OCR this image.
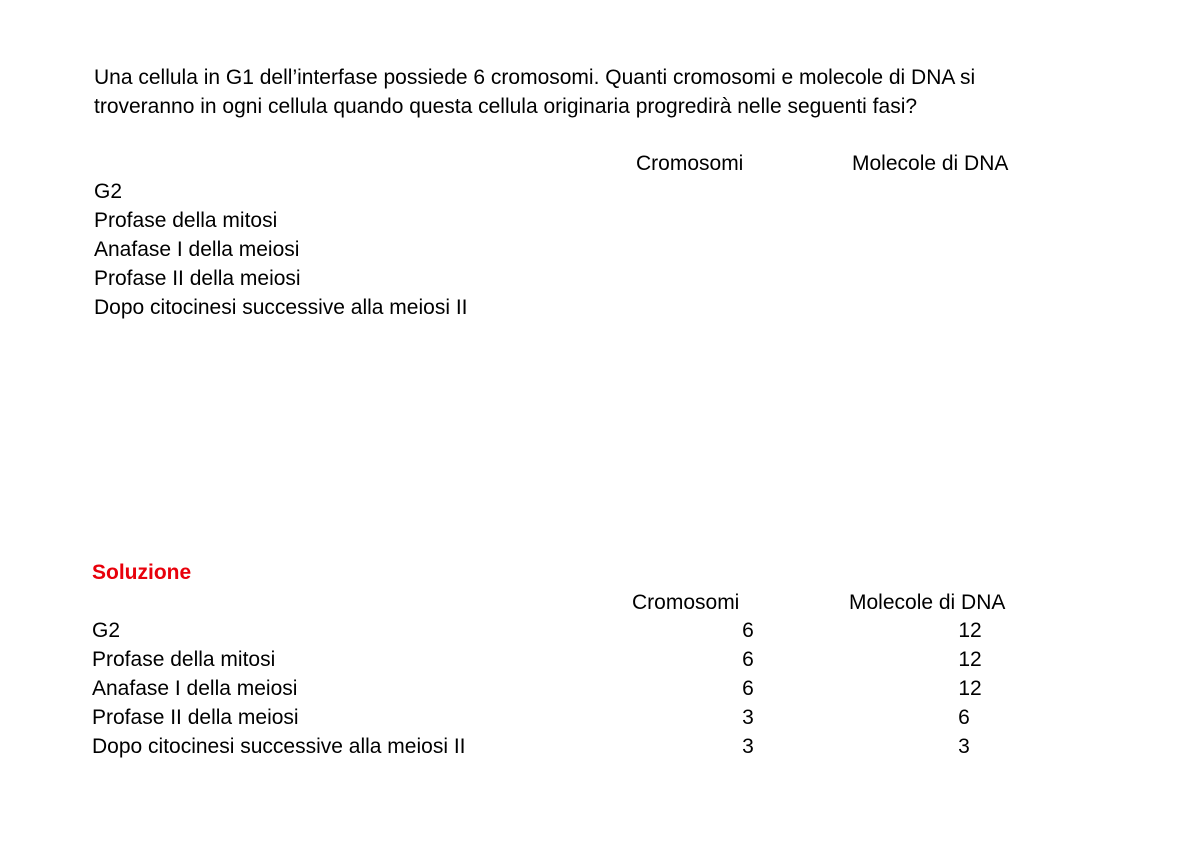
Una cellula in G1 dell’interfase possiede 6 cromosomi. Quanti cromosomi e molecole di DNA si
troveranno in ogni cellula quando questa cellula originaria progredirà nelle seguenti fasi?
Cromosomi	Molecole di DNA
G2
Profase della mitosi
Anafase I della meiosi
Profase II della meiosi
Dopo citocinesi successive alla meiosi II
Soluzione
Cromosomi	Molecole di DNA
G2	6	12
Profase della mitosi	6	12
Anafase I della meiosi	6	12
Profase II della meiosi	3	6
Dopo citocinesi successive alla meiosi II	3	3
